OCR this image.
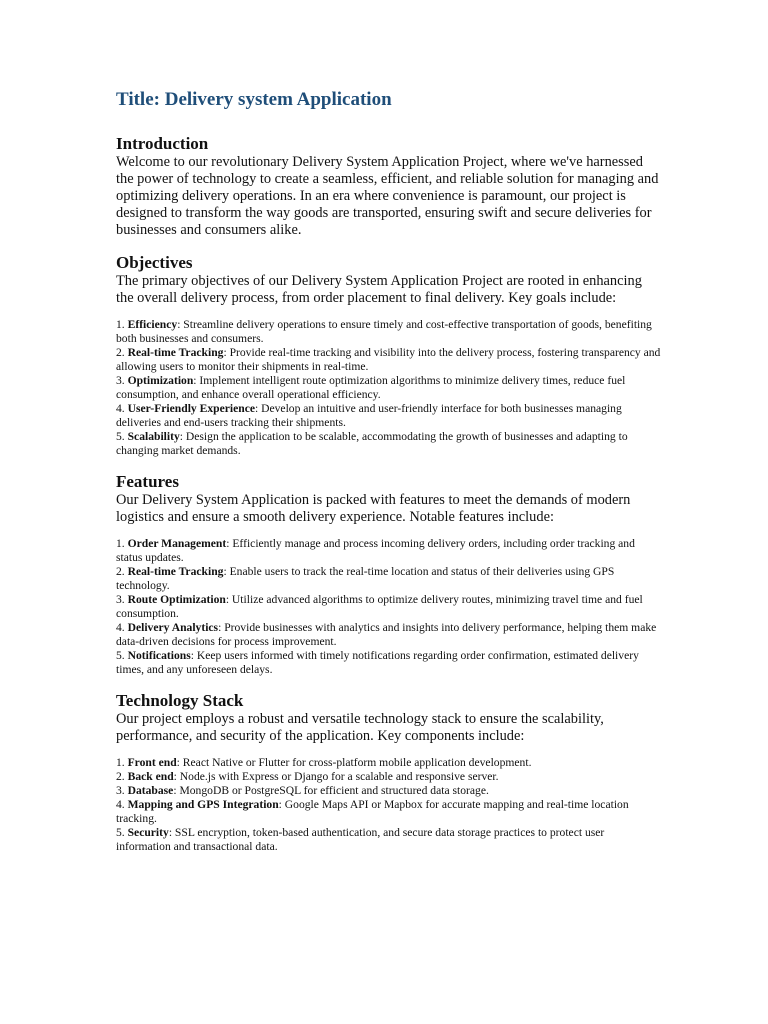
Title: Delivery system Application
Introduction

Welcome to our revolutionary Delivery System Application Project, where we've harnessed the power of technology to create a seamless, efficient, and reliable solution for managing and optimizing delivery operations. In an era where convenience is paramount, our project is designed to transform the way goods are transported, ensuring swift and secure deliveries for businesses and consumers alike.

Objectives

The primary objectives of our Delivery System Application Project are rooted in enhancing the overall delivery process, from order placement to final delivery. Key goals include:

1. Efficiency: Streamline delivery operations to ensure timely and cost-effective transportation of goods, benefiting both businesses and consumers.
2. Real-time Tracking: Provide real-time tracking and visibility into the delivery process, fostering transparency and allowing users to monitor their shipments in real-time.
3. Optimization: Implement intelligent route optimization algorithms to minimize delivery times, reduce fuel consumption, and enhance overall operational efficiency.
4. User-Friendly Experience: Develop an intuitive and user-friendly interface for both businesses managing deliveries and end-users tracking their shipments.
5. Scalability: Design the application to be scalable, accommodating the growth of businesses and adapting to changing market demands.
Features

Our Delivery System Application is packed with features to meet the demands of modern logistics and ensure a smooth delivery experience. Notable features include:

1. Order Management: Efficiently manage and process incoming delivery orders, including order tracking and status updates.
2. Real-time Tracking: Enable users to track the real-time location and status of their deliveries using GPS technology.
3. Route Optimization: Utilize advanced algorithms to optimize delivery routes, minimizing travel time and fuel consumption.
4. Delivery Analytics: Provide businesses with analytics and insights into delivery performance, helping them make data-driven decisions for process improvement.
5. Notifications: Keep users informed with timely notifications regarding order confirmation, estimated delivery times, and any unforeseen delays.
Technology Stack

Our project employs a robust and versatile technology stack to ensure the scalability, performance, and security of the application. Key components include:

1. Front end: React Native or Flutter for cross-platform mobile application development.
2. Back end: Node.js with Express or Django for a scalable and responsive server.
3. Database: MongoDB or PostgreSQL for efficient and structured data storage.
4. Mapping and GPS Integration: Google Maps API or Mapbox for accurate mapping and real-time location tracking.
5. Security: SSL encryption, token-based authentication, and secure data storage practices to protect user information and transactional data.
